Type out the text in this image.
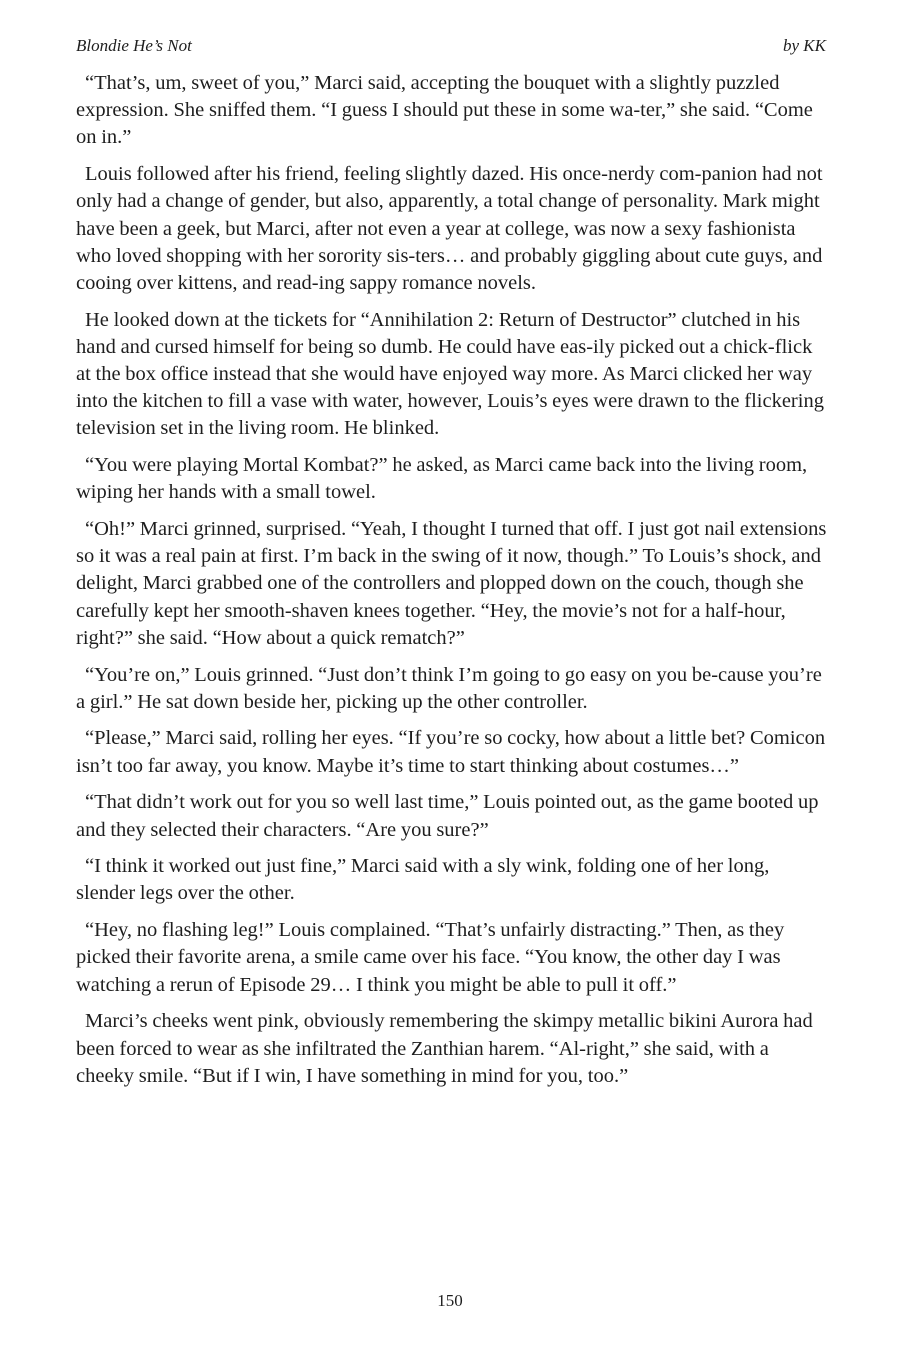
Blondie He’s Not	by KK

“That’s, um, sweet of you,” Marci said, accepting the bouquet with a slightly puzzled expression. She sniffed them. “I guess I should put these in some wa-ter,” she said. “Come on in.”

Louis followed after his friend, feeling slightly dazed. His once-nerdy com-panion had not only had a change of gender, but also, apparently, a total change of personality. Mark might have been a geek, but Marci, after not even a year at college, was now a sexy fashionista who loved shopping with her sorority sis-ters… and probably giggling about cute guys, and cooing over kittens, and read-ing sappy romance novels.

He looked down at the tickets for “Annihilation 2: Return of Destructor” clutched in his hand and cursed himself for being so dumb. He could have eas-ily picked out a chick-flick at the box office instead that she would have enjoyed way more. As Marci clicked her way into the kitchen to fill a vase with water, however, Louis’s eyes were drawn to the flickering television set in the living room. He blinked.

“You were playing Mortal Kombat?” he asked, as Marci came back into the living room, wiping her hands with a small towel.

“Oh!” Marci grinned, surprised. “Yeah, I thought I turned that off. I just got nail extensions so it was a real pain at first. I’m back in the swing of it now, though.” To Louis’s shock, and delight, Marci grabbed one of the controllers and plopped down on the couch, though she carefully kept her smooth-shaven knees together. “Hey, the movie’s not for a half-hour, right?” she said. “How about a quick rematch?”

“You’re on,” Louis grinned. “Just don’t think I’m going to go easy on you be-cause you’re a girl.” He sat down beside her, picking up the other controller.

“Please,” Marci said, rolling her eyes. “If you’re so cocky, how about a little bet? Comicon isn’t too far away, you know. Maybe it’s time to start thinking about costumes…”

“That didn’t work out for you so well last time,” Louis pointed out, as the game booted up and they selected their characters. “Are you sure?”

“I think it worked out just fine,” Marci said with a sly wink, folding one of her long, slender legs over the other.

“Hey, no flashing leg!” Louis complained. “That’s unfairly distracting.” Then, as they picked their favorite arena, a smile came over his face. “You know, the other day I was watching a rerun of Episode 29… I think you might be able to pull it off.”

Marci’s cheeks went pink, obviously remembering the skimpy metallic bikini Aurora had been forced to wear as she infiltrated the Zanthian harem. “Al-right,” she said, with a cheeky smile. “But if I win, I have something in mind for you, too.”

150
